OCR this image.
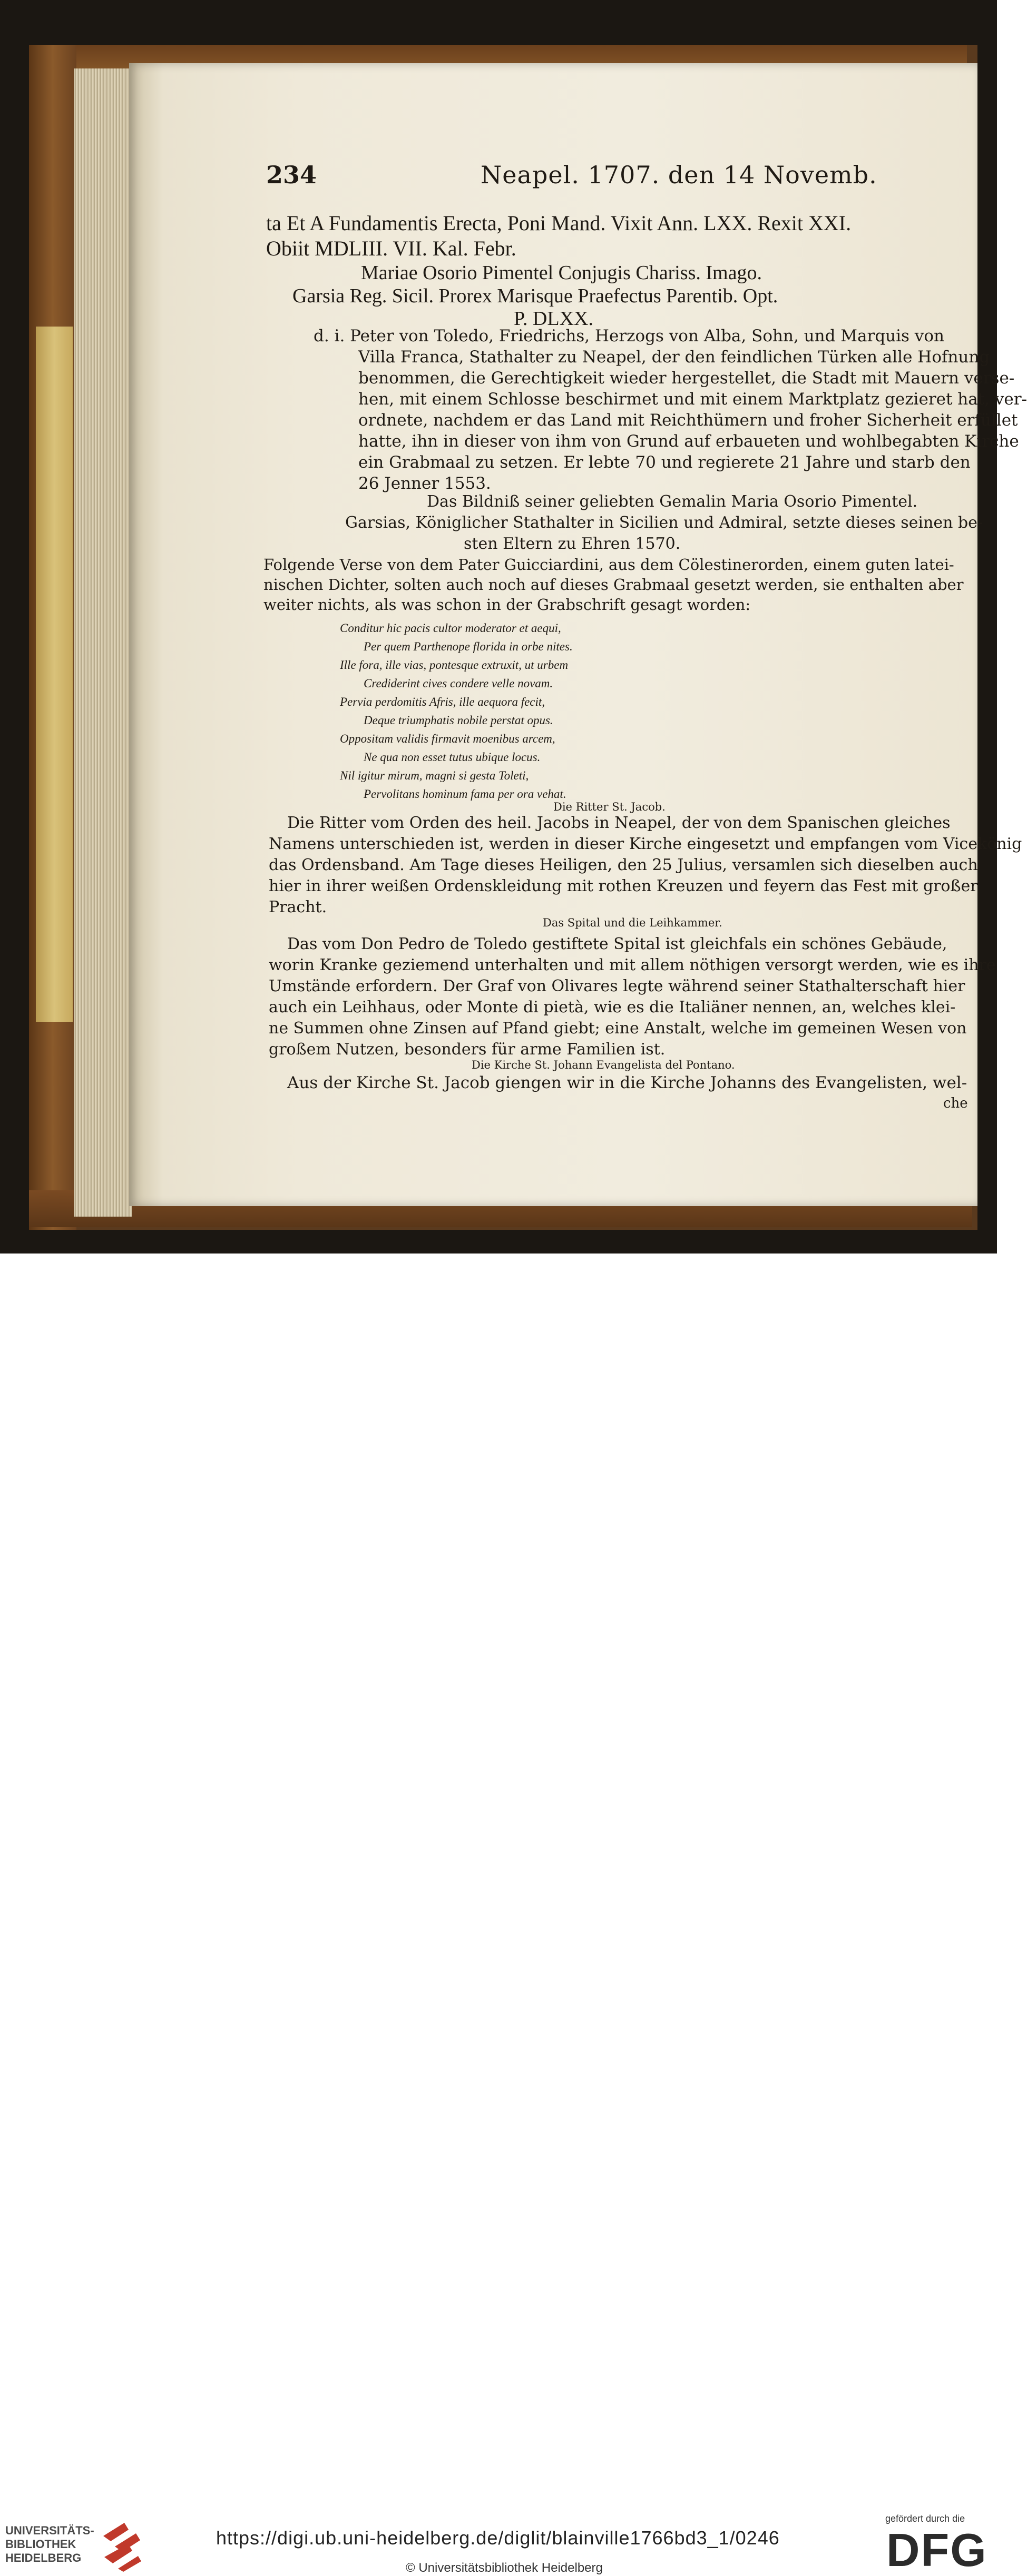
234	Neapel. 1707. den 14 Novemb.
ta Et A Fundamentis Erecta, Poni Mand. Vixit Ann. LXX. Rexit XXI.
Obiit MDLIII. VII. Kal. Febr.
Mariae Osorio Pimentel Conjugis Chariss. Imago.
Garsia Reg. Sicil. Prorex Marisque Praefectus Parentib. Opt.
P. DLXX.
d. i. Peter von Toledo, Friedrichs, Herzogs von Alba, Sohn, und Marquis von
Villa Franca, Stathalter zu Neapel, der den feindlichen Türken alle Hofnung
benommen, die Gerechtigkeit wieder hergestellet, die Stadt mit Mauern verse-
hen, mit einem Schlosse beschirmet und mit einem Marktplatz gezieret hat, ver-
ordnete, nachdem er das Land mit Reichthümern und froher Sicherheit erfüllet
hatte, ihn in dieser von ihm von Grund auf erbaueten und wohlbegabten Kirche
ein Grabmaal zu setzen. Er lebte 70 und regierete 21 Jahre und starb den
26 Jenner 1553.
Das Bildniß seiner geliebten Gemalin Maria Osorio Pimentel.
Garsias, Königlicher Stathalter in Sicilien und Admiral, setzte dieses seinen be-
sten Eltern zu Ehren 1570.
Folgende Verse von dem Pater Guicciardini, aus dem Cölestinerorden, einem guten latei-
nischen Dichter, solten auch noch auf dieses Grabmaal gesetzt werden, sie enthalten aber
weiter nichts, als was schon in der Grabschrift gesagt worden:
Conditur hic pacis cultor moderator et aequi,
Per quem Parthenope florida in orbe nites.
Ille fora, ille vias, pontesque extruxit, ut urbem
Crediderint cives condere velle novam.
Pervia perdomitis Afris, ille aequora fecit,
Deque triumphatis nobile perstat opus.
Oppositam validis firmavit moenibus arcem,
Ne qua non esset tutus ubique locus.
Nil igitur mirum, magni si gesta Toleti,
Pervolitans hominum fama per ora vehat.
Die Ritter St. Jacob.
Die Ritter vom Orden des heil. Jacobs in Neapel, der von dem Spanischen gleiches
Namens unterschieden ist, werden in dieser Kirche eingesetzt und empfangen vom Vicekönig
das Ordensband. Am Tage dieses Heiligen, den 25 Julius, versamlen sich dieselben auch
hier in ihrer weißen Ordenskleidung mit rothen Kreuzen und feyern das Fest mit großer
Pracht.
Das Spital und die Leihkammer.
Das vom Don Pedro de Toledo gestiftete Spital ist gleichfals ein schönes Gebäude,
worin Kranke geziemend unterhalten und mit allem nöthigen versorgt werden, wie es ihre
Umstände erfordern. Der Graf von Olivares legte während seiner Stathalterschaft hier
auch ein Leihhaus, oder Monte di pietà, wie es die Italiäner nennen, an, welches klei-
ne Summen ohne Zinsen auf Pfand giebt; eine Anstalt, welche im gemeinen Wesen von
großem Nutzen, besonders für arme Familien ist.
Die Kirche St. Johann Evangelista del Pontano.
Aus der Kirche St. Jacob giengen wir in die Kirche Johanns des Evangelisten, wel-
che
UNIVERSITÄTS-
BIBLIOTHEK
HEIDELBERG
https://digi.ub.uni-heidelberg.de/diglit/blainville1766bd3_1/0246
© Universitätsbibliothek Heidelberg
gefördert durch die
DFG
